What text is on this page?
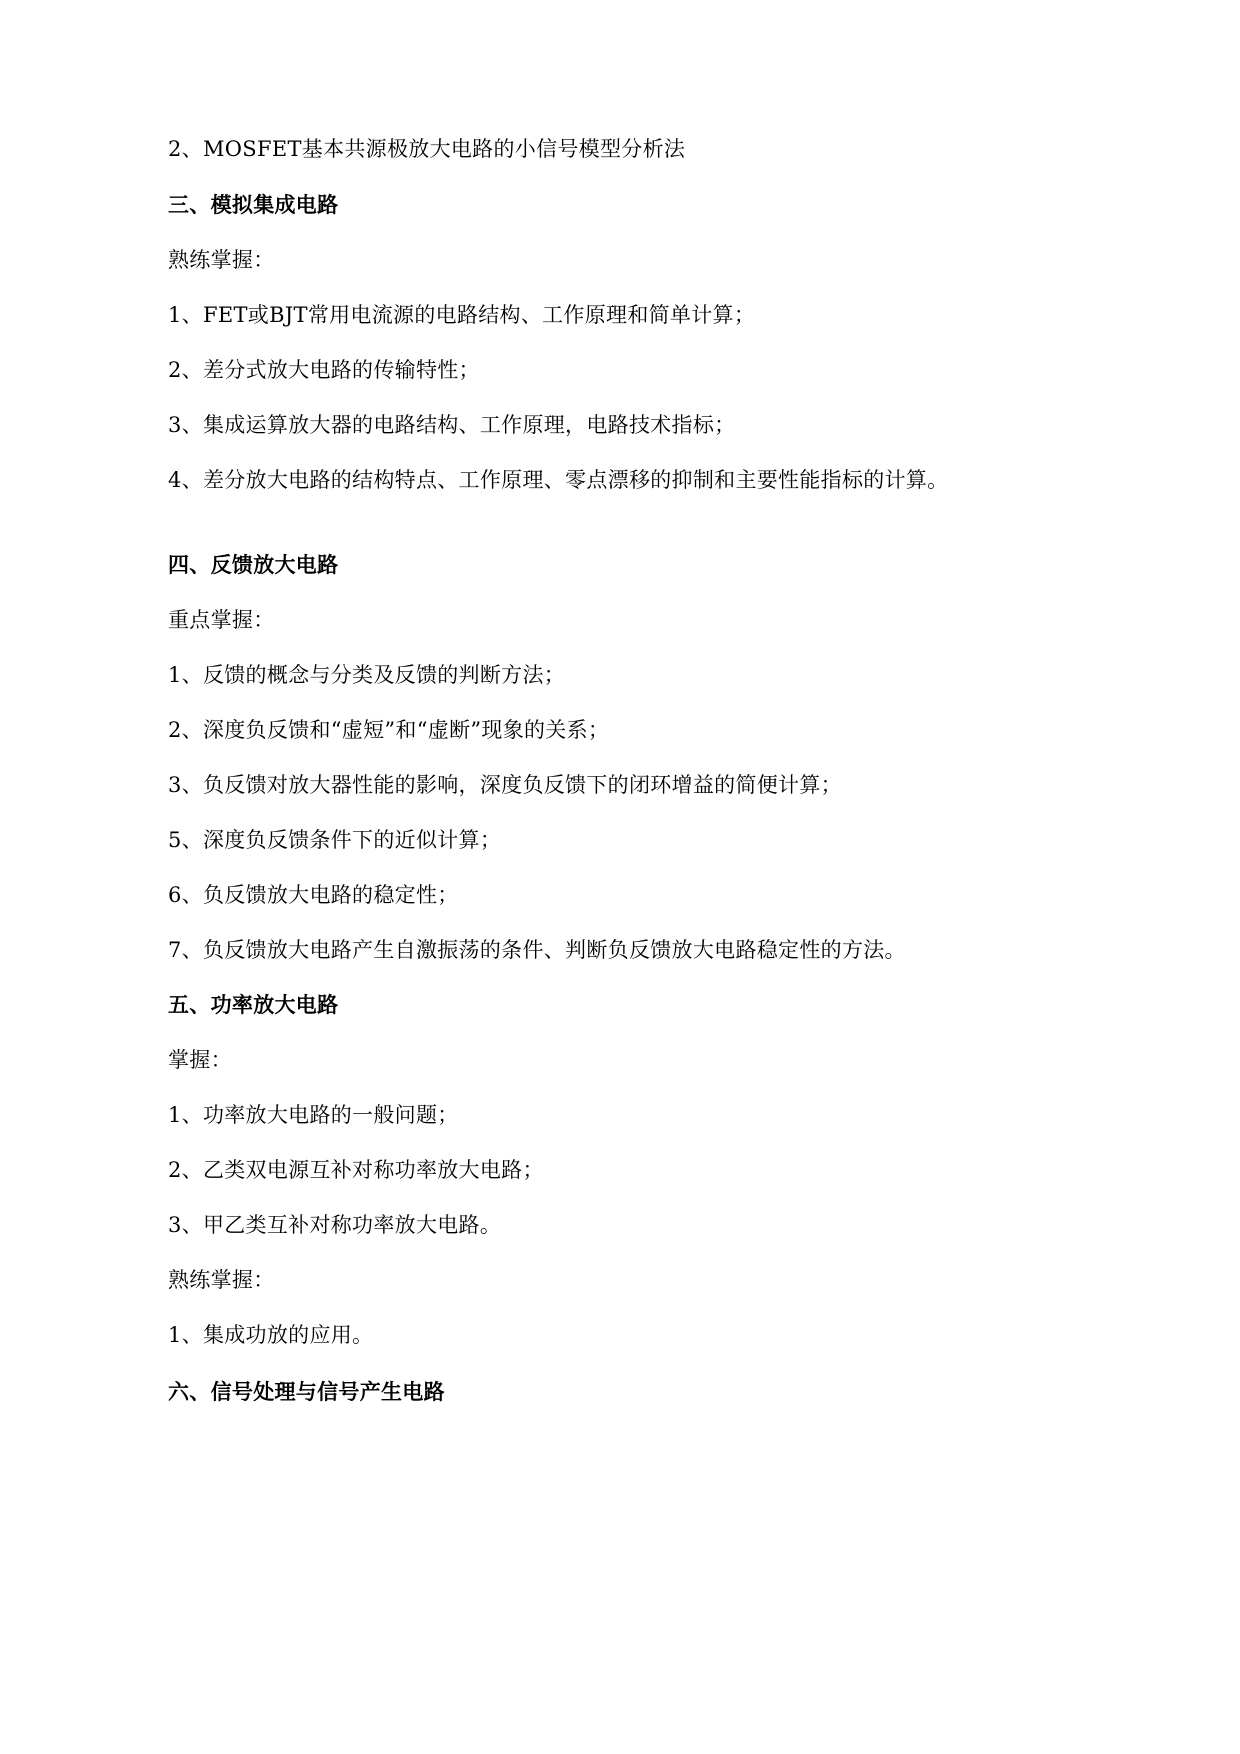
2、MOSFET基本共源极放大电路的小信号模型分析法
三、模拟集成电路
熟练掌握：
1、FET或BJT常用电流源的电路结构、工作原理和简单计算；
2、差分式放大电路的传输特性；
3、集成运算放大器的电路结构、工作原理，电路技术指标；
4、差分放大电路的结构特点、工作原理、零点漂移的抑制和主要性能指标的计算。
四、反馈放大电路
重点掌握：
1、反馈的概念与分类及反馈的判断方法；
2、深度负反馈和“虚短”和“虚断”现象的关系；
3、负反馈对放大器性能的影响，深度负反馈下的闭环增益的简便计算；
5、深度负反馈条件下的近似计算；
6、负反馈放大电路的稳定性；
7、负反馈放大电路产生自激振荡的条件、判断负反馈放大电路稳定性的方法。
五、功率放大电路
掌握：
1、功率放大电路的一般问题；
2、乙类双电源互补对称功率放大电路；
3、甲乙类互补对称功率放大电路。
熟练掌握：
1、集成功放的应用。
六、信号处理与信号产生电路
